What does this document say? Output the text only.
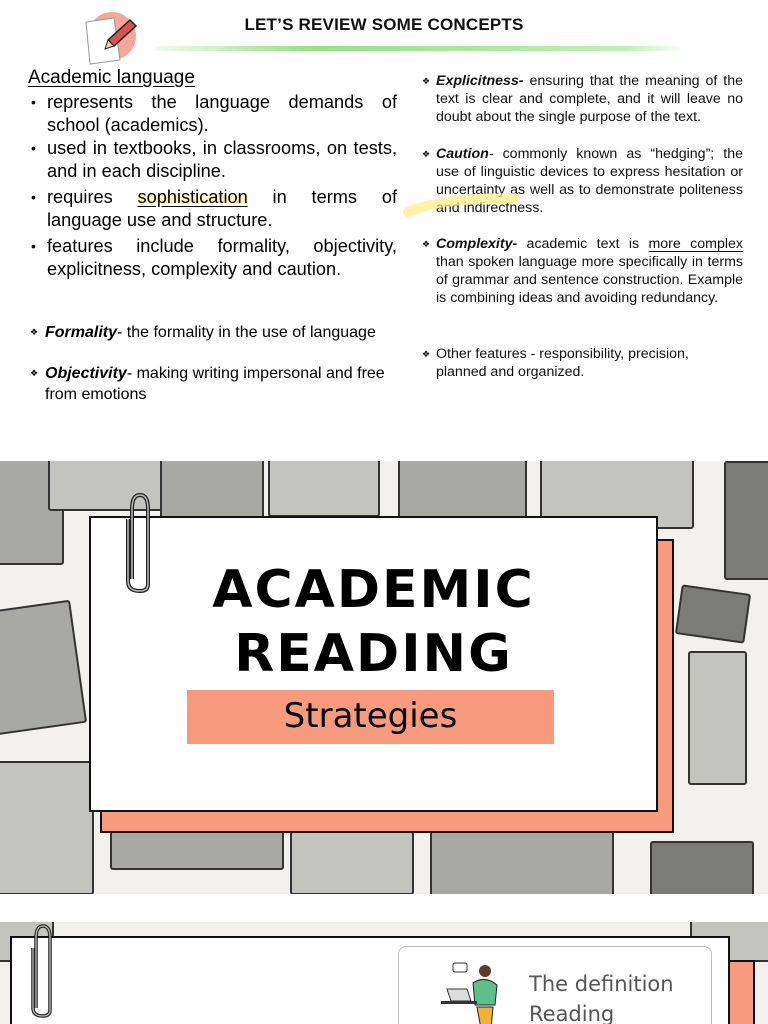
LET’S REVIEW SOME CONCEPTS
Academic language
• represents the language demands of school (academics).
• used in textbooks, in classrooms, on tests, and in each discipline.
• requires sophistication in terms of language use and structure.
• features include formality, objectivity, explicitness, complexity and caution.
❖ Formality- the formality in the use of language
❖ Objectivity- making writing impersonal and free from emotions
❖ Explicitness- ensuring that the meaning of the text is clear and complete, and it will leave no doubt about the single purpose of the text.
❖ Caution- commonly known as “hedging”; the use of linguistic devices to express hesitation or uncertainty as well as to demonstrate politeness and indirectness.
❖ Complexity- academic text is more complex than spoken language more specifically in terms of grammar and sentence construction. Example is combining ideas and avoiding redundancy.
❖ Other features - responsibility, precision, planned and organized.
ACADEMIC
READING
Strategies
The definition
Reading
